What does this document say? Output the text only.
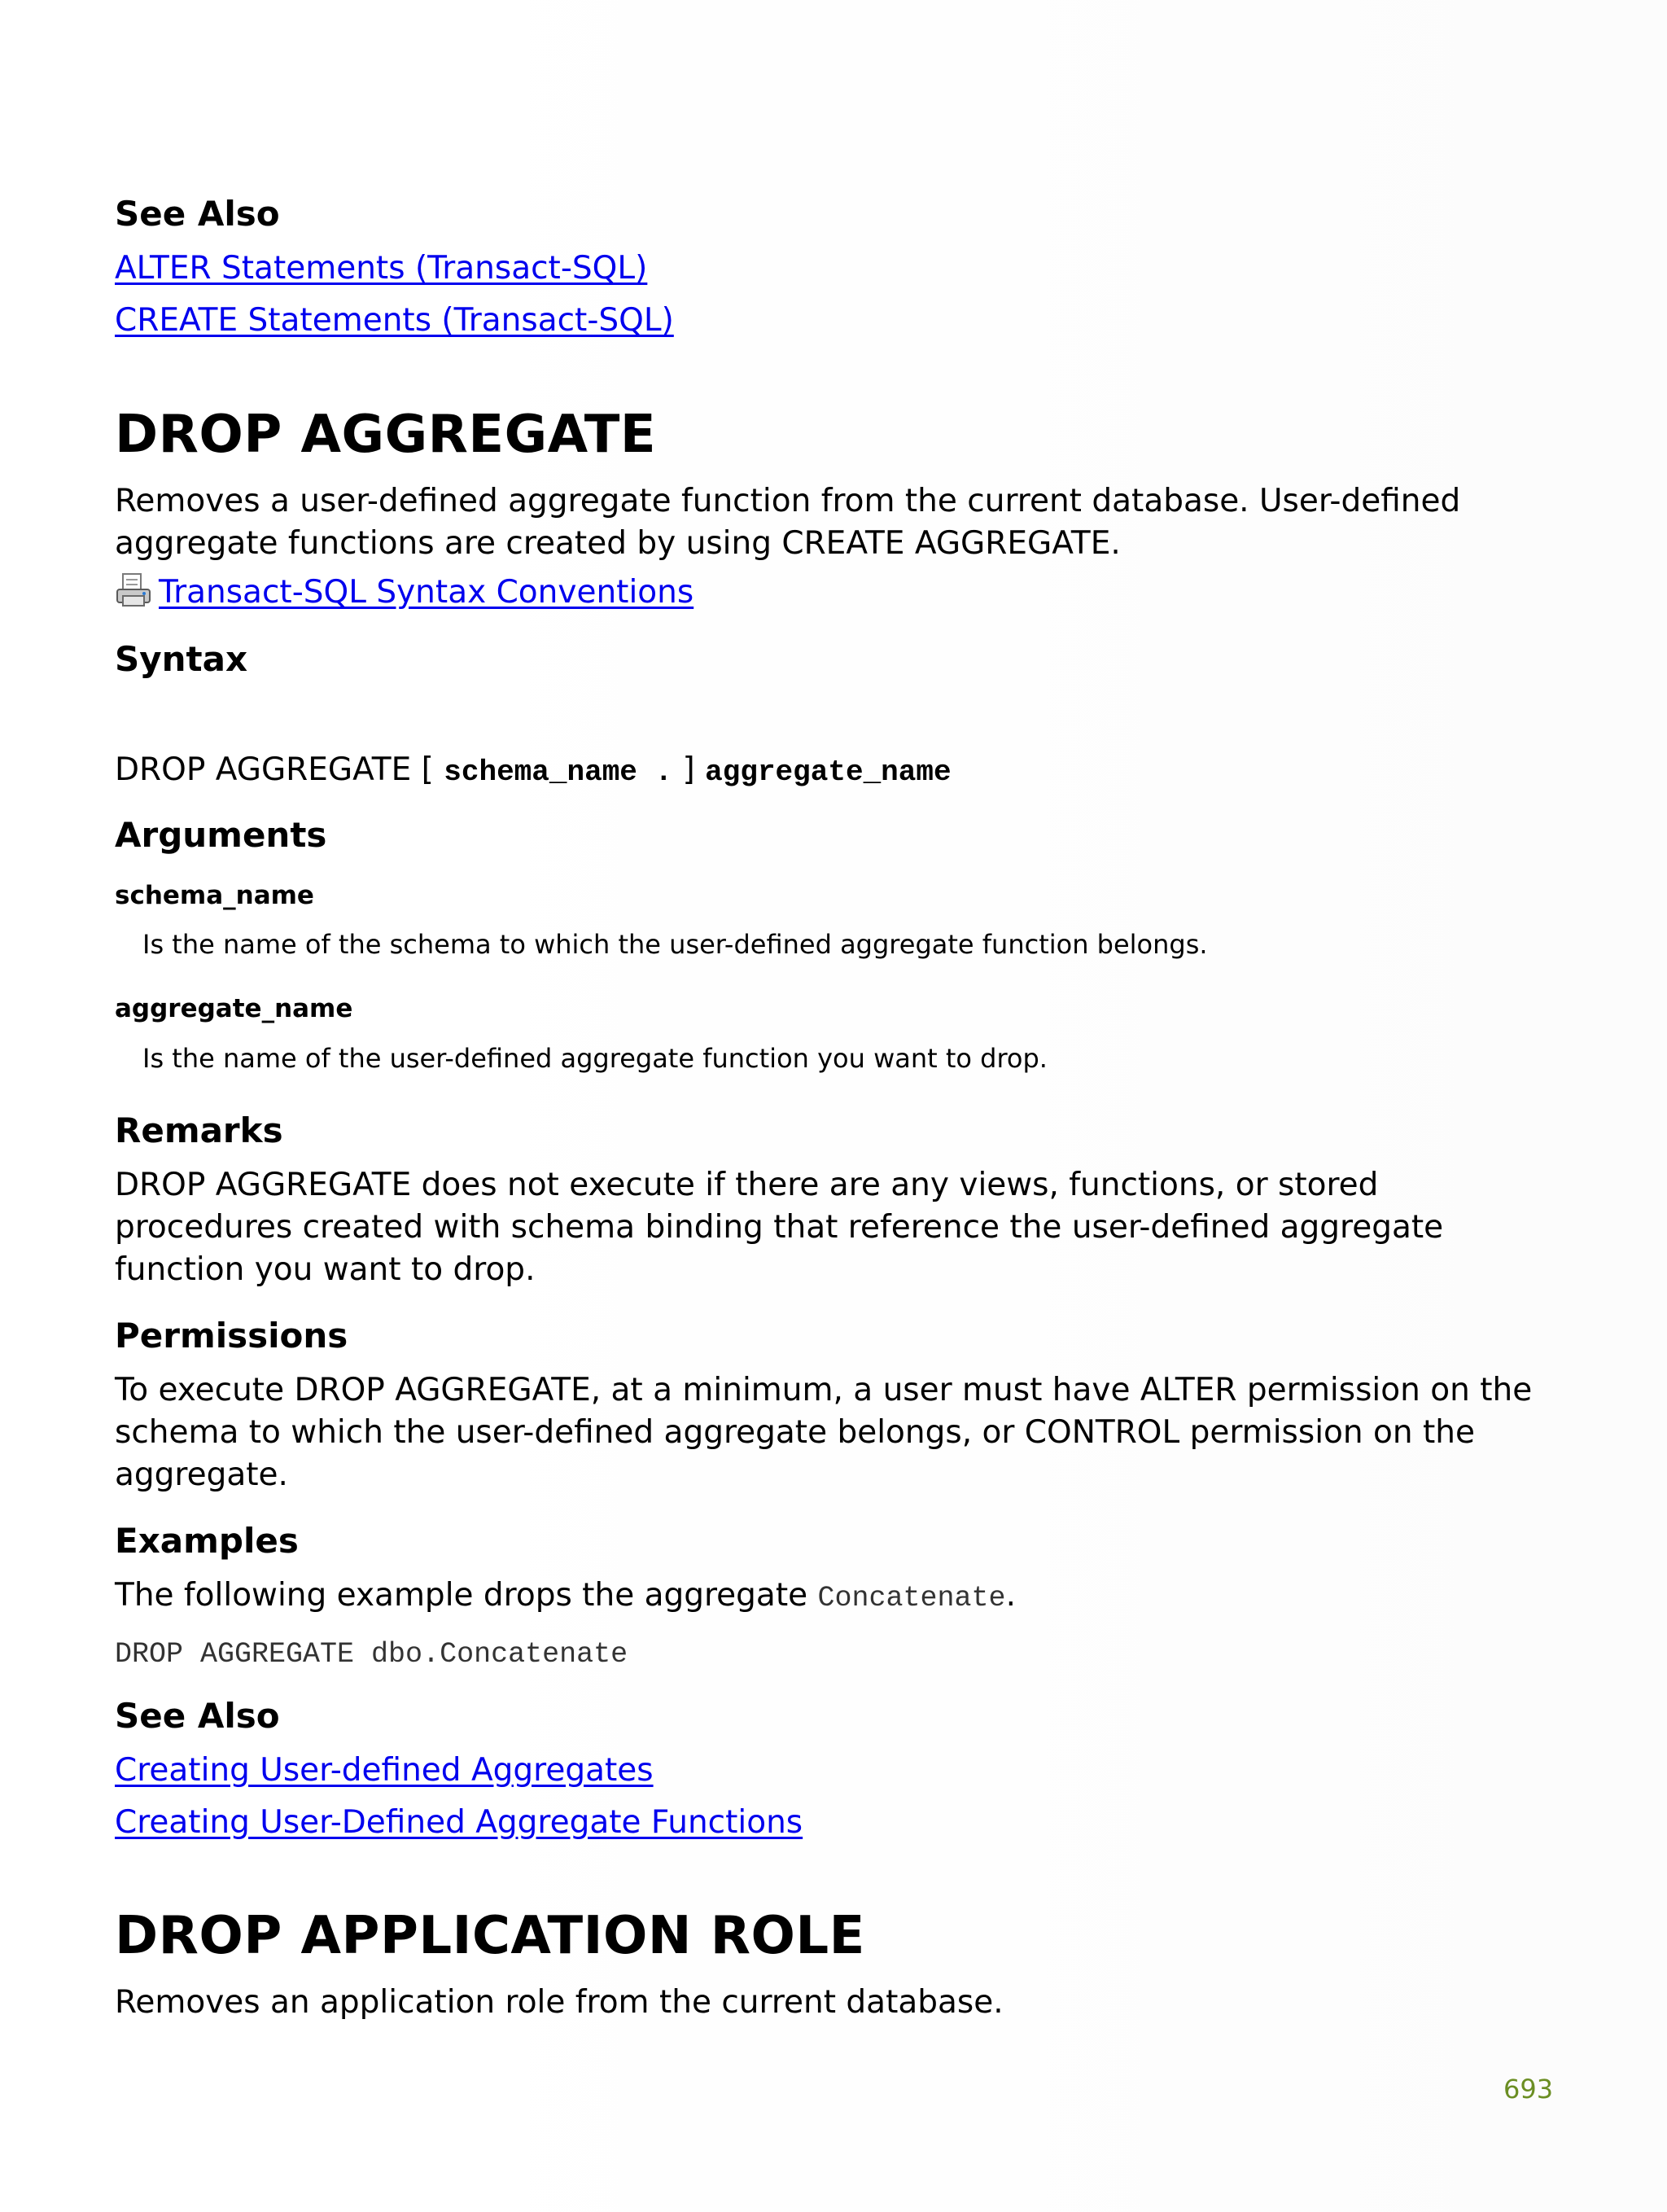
See Also
ALTER Statements (Transact-SQL)
CREATE Statements (Transact-SQL)
DROP AGGREGATE

Removes a user-defined aggregate function from the current database. User-defined aggregate functions are created by using CREATE AGGREGATE.

Transact-SQL Syntax Conventions
Syntax
DROP AGGREGATE [ schema_name . ] aggregate_name
Arguments
schema_name
Is the name of the schema to which the user-defined aggregate function belongs.
aggregate_name
Is the name of the user-defined aggregate function you want to drop.
Remarks

DROP AGGREGATE does not execute if there are any views, functions, or stored procedures created with schema binding that reference the user-defined aggregate function you want to drop.

Permissions

To execute DROP AGGREGATE, at a minimum, a user must have ALTER permission on the schema to which the user-defined aggregate belongs, or CONTROL permission on the aggregate.

Examples
The following example drops the aggregate Concatenate.
DROP AGGREGATE dbo.Concatenate
See Also
Creating User-defined Aggregates
Creating User-Defined Aggregate Functions
DROP APPLICATION ROLE

Removes an application role from the current database.

693
